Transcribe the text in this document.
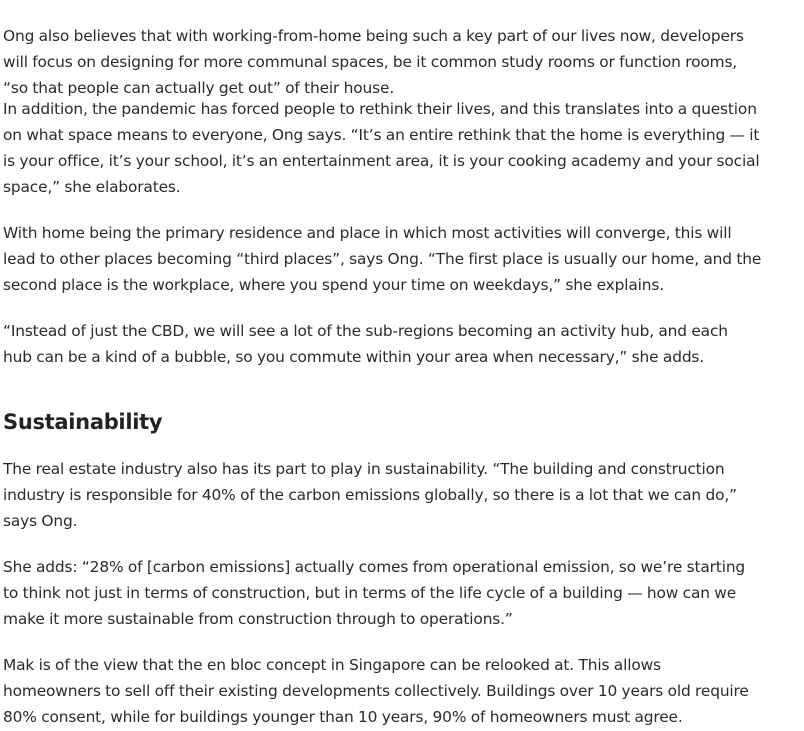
Ong also believes that with working-from-home being such a key part of our lives now, developers
will focus on designing for more communal spaces, be it common study rooms or function rooms,
“so that people can actually get out” of their house.

In addition, the pandemic has forced people to rethink their lives, and this translates into a question
on what space means to everyone, Ong says. “It’s an entire rethink that the home is everything — it
is your office, it’s your school, it’s an entertainment area, it is your cooking academy and your social
space,” she elaborates.

With home being the primary residence and place in which most activities will converge, this will
lead to other places becoming “third places”, says Ong. “The first place is usually our home, and the
second place is the workplace, where you spend your time on weekdays,” she explains.

“Instead of just the CBD, we will see a lot of the sub-regions becoming an activity hub, and each
hub can be a kind of a bubble, so you commute within your area when necessary,” she adds.

Sustainability

The real estate industry also has its part to play in sustainability. “The building and construction
industry is responsible for 40% of the carbon emissions globally, so there is a lot that we can do,”
says Ong.

She adds: “28% of [carbon emissions] actually comes from operational emission, so we’re starting
to think not just in terms of construction, but in terms of the life cycle of a building — how can we
make it more sustainable from construction through to operations.”

Mak is of the view that the en bloc concept in Singapore can be relooked at. This allows
homeowners to sell off their existing developments collectively. Buildings over 10 years old require
80% consent, while for buildings younger than 10 years, 90% of homeowners must agree.
